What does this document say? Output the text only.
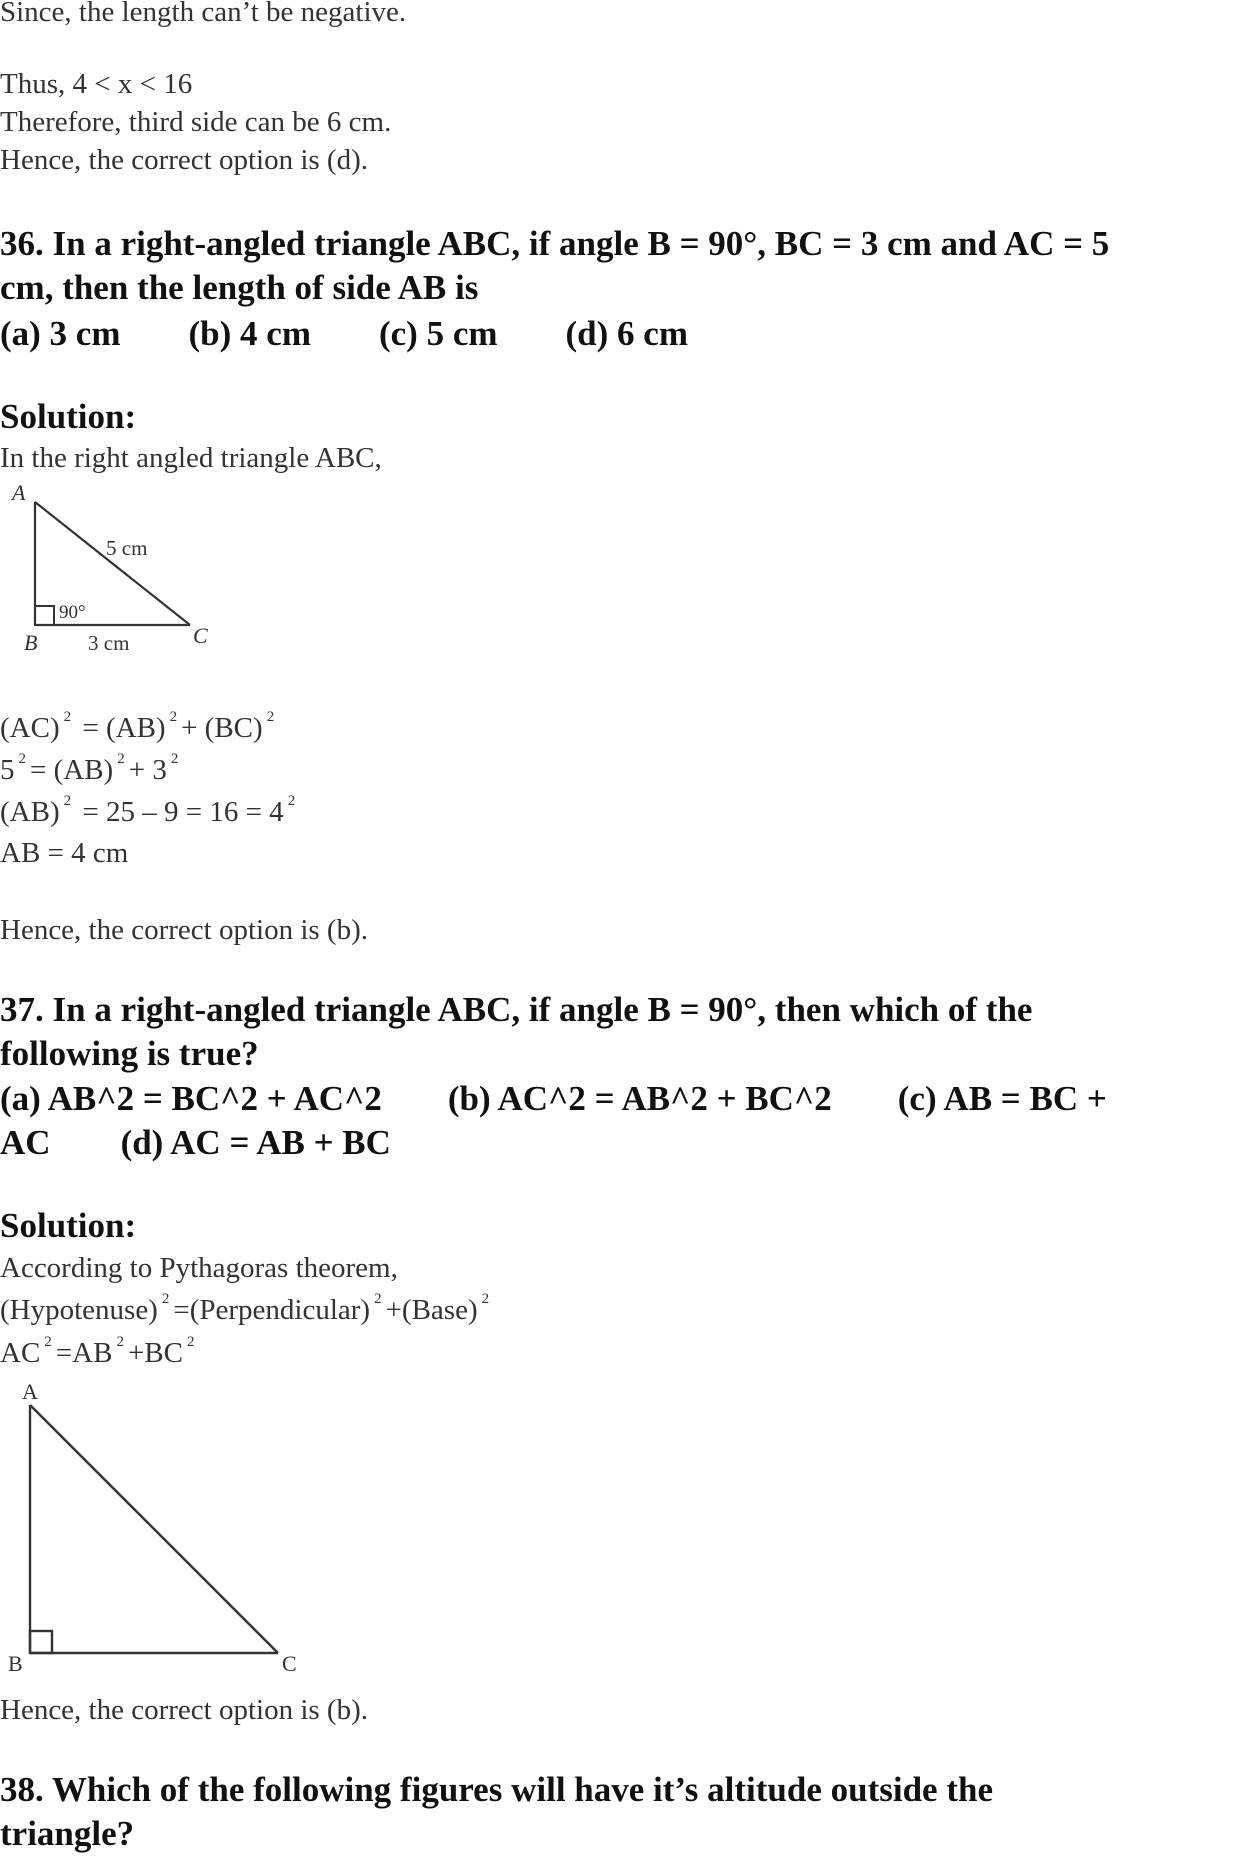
Since, the length can’t be negative.
Thus, 4 < x < 16
Therefore, third side can be 6 cm.
Hence, the correct option is (d).
36. In a right-angled triangle ABC, if angle B = 90°, BC = 3 cm and AC = 5
cm, then the length of side AB is
(a) 3 cm (b) 4 cm (c) 5 cm (d) 6 cm
Solution:
In the right angled triangle ABC,
A
B	C
5 cm
90°
3 cm
(AC) $^2$ = (AB) $^2$ + (BC) $^2$
5 $^2$ = (AB) $^2$ + 3 $^2$
(AB) $^2$ = 25 – 9 = 16 = 4 $^2$
AB = 4 cm
Hence, the correct option is (b).
37. In a right-angled triangle ABC, if angle B = 90°, then which of the
following is true?
(a) AB^2 = BC^2 + AC^2 (b) AC^2 = AB^2 + BC^2 (c) AB = BC +
AC (d) AC = AB + BC
Solution:
According to Pythagoras theorem,
(Hypotenuse) $^2$ =(Perpendicular) $^2$ +(Base) $^2$
AC $^2$ =AB $^2$ +BC $^2$
A
B	C
Hence, the correct option is (b).
38. Which of the following figures will have it’s altitude outside the
triangle?
